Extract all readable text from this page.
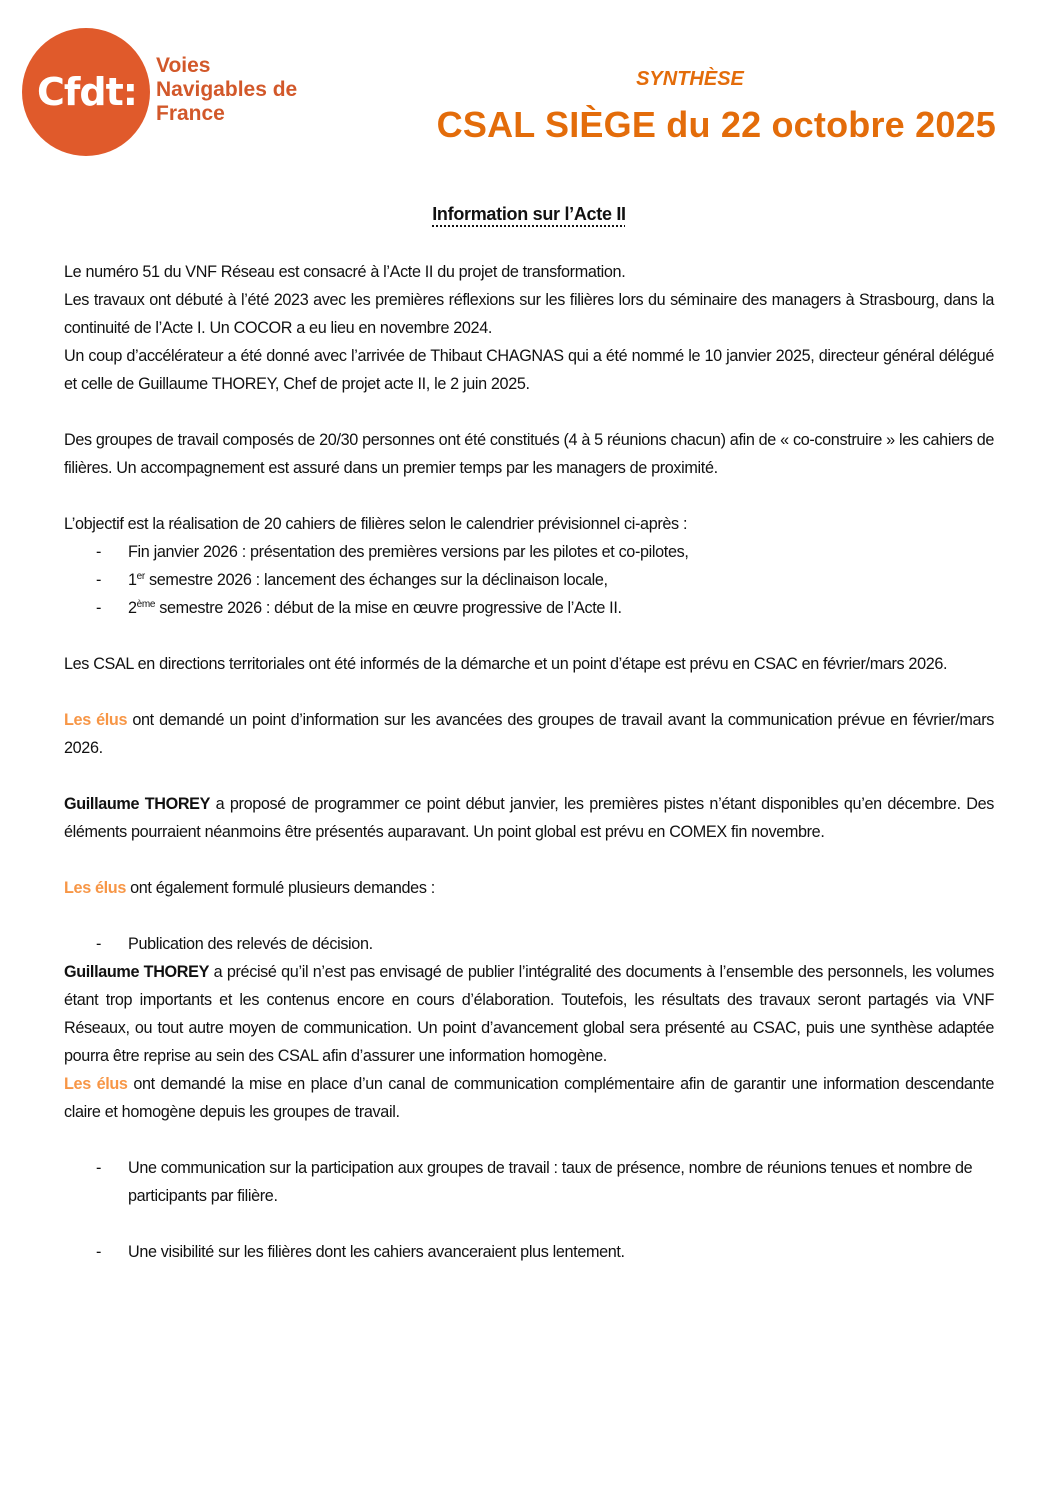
Cfdt:
Voies
Navigables de
France
SYNTHÈSE
CSAL SIÈGE du 22 octobre 2025
Information sur l’Acte II

Le numéro 51 du VNF Réseau est consacré à l’Acte II du projet de transformation.

Les travaux ont débuté à l’été 2023 avec les premières réflexions sur les filières lors du séminaire des managers à Strasbourg, dans la continuité de l’Acte I. Un COCOR a eu lieu en novembre 2024.

Un coup d’accélérateur a été donné avec l’arrivée de Thibaut CHAGNAS qui a été nommé le 10 janvier 2025, directeur général délégué et celle de Guillaume THOREY, Chef de projet acte II, le 2 juin 2025.

Des groupes de travail composés de 20/30 personnes ont été constitués (4 à 5 réunions chacun) afin de « co-construire » les cahiers de filières. Un accompagnement est assuré dans un premier temps par les managers de proximité.

L’objectif est la réalisation de 20 cahiers de filières selon le calendrier prévisionnel ci-après :

- Fin janvier 2026 : présentation des premières versions par les pilotes et co-pilotes,

- 1er semestre 2026 : lancement des échanges sur la déclinaison locale,

- 2ème semestre 2026 : début de la mise en œuvre progressive de l’Acte II.

Les CSAL en directions territoriales ont été informés de la démarche et un point d’étape est prévu en CSAC en février/mars 2026.

Les élus ont demandé un point d’information sur les avancées des groupes de travail avant la communication prévue en février/mars 2026.

Guillaume THOREY a proposé de programmer ce point début janvier, les premières pistes n’étant disponibles qu’en décembre. Des éléments pourraient néanmoins être présentés auparavant. Un point global est prévu en COMEX fin novembre.

Les élus ont également formulé plusieurs demandes :

- Publication des relevés de décision.

Guillaume THOREY a précisé qu’il n’est pas envisagé de publier l’intégralité des documents à l’ensemble des personnels, les volumes étant trop importants et les contenus encore en cours d’élaboration. Toutefois, les résultats des travaux seront partagés via VNF Réseaux, ou tout autre moyen de communication. Un point d’avancement global sera présenté au CSAC, puis une synthèse adaptée pourra être reprise au sein des CSAL afin d’assurer une information homogène.

Les élus ont demandé la mise en place d’un canal de communication complémentaire afin de garantir une information descendante claire et homogène depuis les groupes de travail.

- Une communication sur la participation aux groupes de travail : taux de présence, nombre de réunions tenues et nombre de participants par filière.

- Une visibilité sur les filières dont les cahiers avanceraient plus lentement.
